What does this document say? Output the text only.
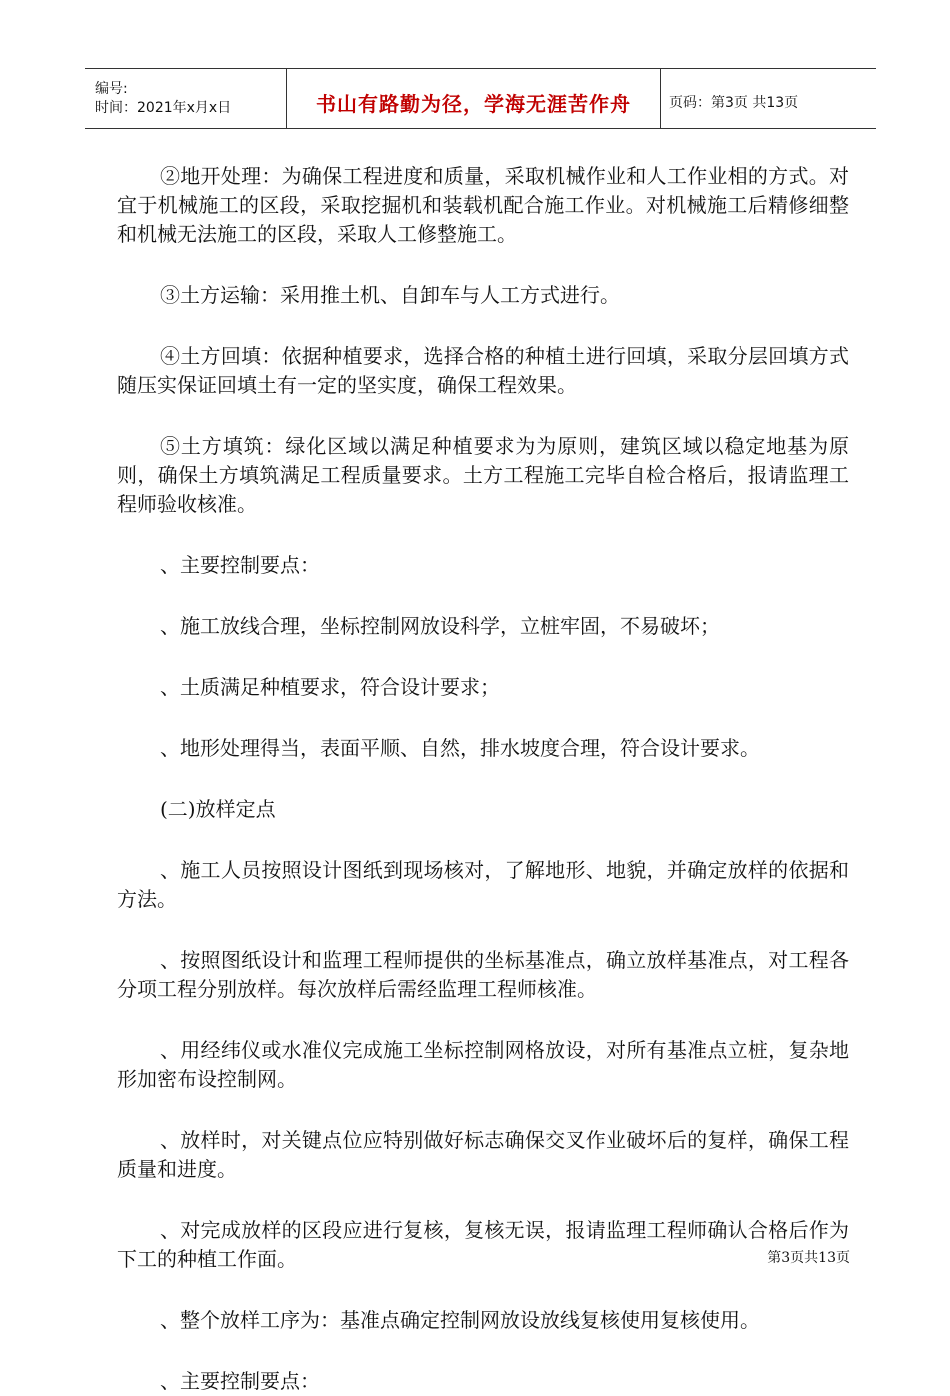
编号:
时间：2021年x月x日	书山有路勤为径，学海无涯苦作舟	页码：第3页 共13页

②地开处理：为确保工程进度和质量，采取机械作业和人工作业相的方式。对宜于机械施工的区段，采取挖掘机和装载机配合施工作业。对机械施工后精修细整和机械无法施工的区段，采取人工修整施工。

③土方运输：采用推土机、自卸车与人工方式进行。

④土方回填：依据种植要求，选择合格的种植土进行回填，采取分层回填方式随压实保证回填土有一定的坚实度，确保工程效果。

⑤土方填筑：绿化区域以满足种植要求为为原则，建筑区域以稳定地基为原则，确保土方填筑满足工程质量要求。土方工程施工完毕自检合格后，报请监理工程师验收核准。

、主要控制要点：

、施工放线合理，坐标控制网放设科学，立桩牢固，不易破坏；

、土质满足种植要求，符合设计要求；

、地形处理得当，表面平顺、自然，排水坡度合理，符合设计要求。

(二)放样定点

、施工人员按照设计图纸到现场核对，了解地形、地貌，并确定放样的依据和方法。

、按照图纸设计和监理工程师提供的坐标基准点，确立放样基准点，对工程各分项工程分别放样。每次放样后需经监理工程师核准。

、用经纬仪或水准仪完成施工坐标控制网格放设，对所有基准点立桩，复杂地形加密布设控制网。

、放样时，对关键点位应特别做好标志确保交叉作业破坏后的复样，确保工程质量和进度。

、对完成放样的区段应进行复核，复核无误，报请监理工程师确认合格后作为下工的种植工作面。

、整个放样工序为：基准点确定控制网放设放线复核使用复核使用。

、主要控制要点：

第3页共13页
